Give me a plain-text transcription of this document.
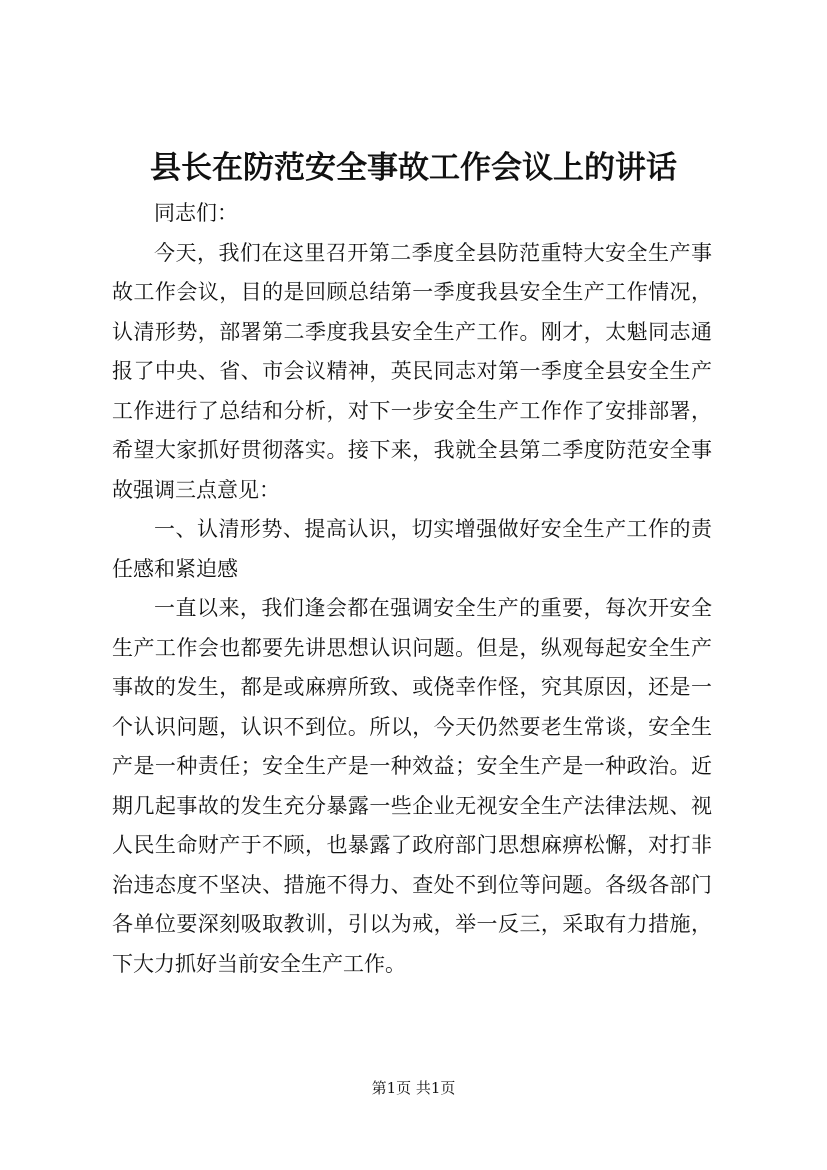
县长在防范安全事故工作会议上的讲话

同志们：

今天，我们在这里召开第二季度全县防范重特大安全生产事故工作会议，目的是回顾总结第一季度我县安全生产工作情况，认清形势，部署第二季度我县安全生产工作。刚才，太魁同志通报了中央、省、市会议精神，英民同志对第一季度全县安全生产工作进行了总结和分析，对下一步安全生产工作作了安排部署，希望大家抓好贯彻落实。接下来，我就全县第二季度防范安全事故强调三点意见：

一、认清形势、提高认识，切实增强做好安全生产工作的责任感和紧迫感

一直以来，我们逢会都在强调安全生产的重要，每次开安全生产工作会也都要先讲思想认识问题。但是，纵观每起安全生产事故的发生，都是或麻痹所致、或侥幸作怪，究其原因，还是一个认识问题，认识不到位。所以，今天仍然要老生常谈，安全生产是一种责任；安全生产是一种效益；安全生产是一种政治。近期几起事故的发生充分暴露一些企业无视安全生产法律法规、视人民生命财产于不顾，也暴露了政府部门思想麻痹松懈，对打非治违态度不坚决、措施不得力、查处不到位等问题。各级各部门各单位要深刻吸取教训，引以为戒，举一反三，采取有力措施，下大力抓好当前安全生产工作。

第1页 共1页
